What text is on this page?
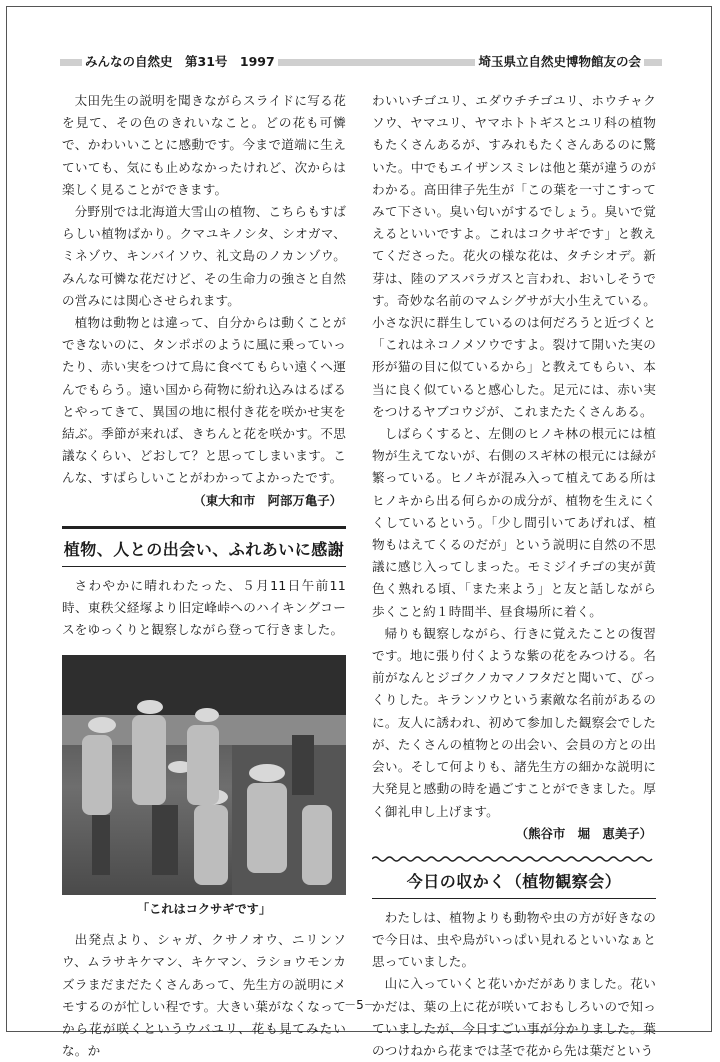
みんなの自然史　第31号　1997	埼玉県立自然史博物館友の会

太田先生の説明を聞きながらスライドに写る花を見て、その色のきれいなこと。どの花も可憐で、かわいいことに感動です。今まで道端に生えていても、気にも止めなかったけれど、次からは楽しく見ることができます。

分野別では北海道大雪山の植物、こちらもすばらしい植物ばかり。クマユキノシタ、シオガマ、ミネゾウ、キンバイソウ、礼文島のノカンゾウ。みんな可憐な花だけど、その生命力の強さと自然の営みには関心させられます。

植物は動物とは違って、自分からは動くことができないのに、タンポポのように風に乗っていったり、赤い実をつけて鳥に食べてもらい遠くへ運んでもらう。遠い国から荷物に紛れ込みはるばるとやってきて、異国の地に根付き花を咲かせ実を結ぶ。季節が来れば、きちんと花を咲かす。不思議なくらい、どおして？と思ってしまいます。こんな、すばらしいことがわかってよかったです。

（東大和市　阿部万亀子）

植物、人との出会い、ふれあいに感謝

さわやかに晴れわたった、５月11日午前11時、東秩父経塚より旧定峰峠へのハイキングコースをゆっくりと観察しながら登って行きました。

「これはコクサギです」

出発点より、シャガ、クサノオウ、ニリンソウ、ムラサキケマン、キケマン、ラショウモンカズラまだまだたくさんあって、先生方の説明にメモするのが忙しい程です。大きい葉がなくなってから花が咲くというウバユリ、花も見てみたいな。か

わいいチゴユリ、エダウチチゴユリ、ホウチャクソウ、ヤマユリ、ヤマホトトギスとユリ科の植物もたくさんあるが、すみれもたくさんあるのに驚いた。中でもエイザンスミレは他と葉が違うのがわかる。高田律子先生が「この葉を一寸こすってみて下さい。臭い匂いがするでしょう。臭いで覚えるといいですよ。これはコクサギです」と教えてくださった。花火の様な花は、タチシオデ。新芽は、陸のアスパラガスと言われ、おいしそうです。奇妙な名前のマムシグサが大小生えている。小さな沢に群生しているのは何だろうと近づくと「これはネコノメソウですよ。裂けて開いた実の形が猫の目に似ているから」と教えてもらい、本当に良く似ていると感心した。足元には、赤い実をつけるヤブコウジが、これまたたくさんある。

しばらくすると、左側のヒノキ林の根元には植物が生えてないが、右側のスギ林の根元には緑が繁っている。ヒノキが混み入って植えてある所はヒノキから出る何らかの成分が、植物を生えにくくしているという。「少し間引いてあげれば、植物もはえてくるのだが」という説明に自然の不思議に感じ入ってしまった。モミジイチゴの実が黄色く熟れる頃、「また来よう」と友と話しながら歩くこと約１時間半、昼食場所に着く。

帰りも観察しながら、行きに覚えたことの復習です。地に張り付くような紫の花をみつける。名前がなんとジゴクノカマノフタだと聞いて、びっくりした。キランソウという素敵な名前があるのに。友人に誘われ、初めて参加した観察会でしたが、たくさんの植物との出会い、会員の方との出会い。そして何よりも、諸先生方の細かな説明に大発見と感動の時を過ごすことができました。厚く御礼申し上げます。

（熊谷市　堀　恵美子）

今日の収かく（植物観察会）

わたしは、植物よりも動物や虫の方が好きなので今日は、虫や鳥がいっぱい見れるといいなぁと思っていました。

山に入っていくと花いかだがありました。花いかだは、葉の上に花が咲いておもしろいので知っていましたが、今日すごい事が分かりました。葉のつけねから花までは茎で花から先は葉だという

－5－
